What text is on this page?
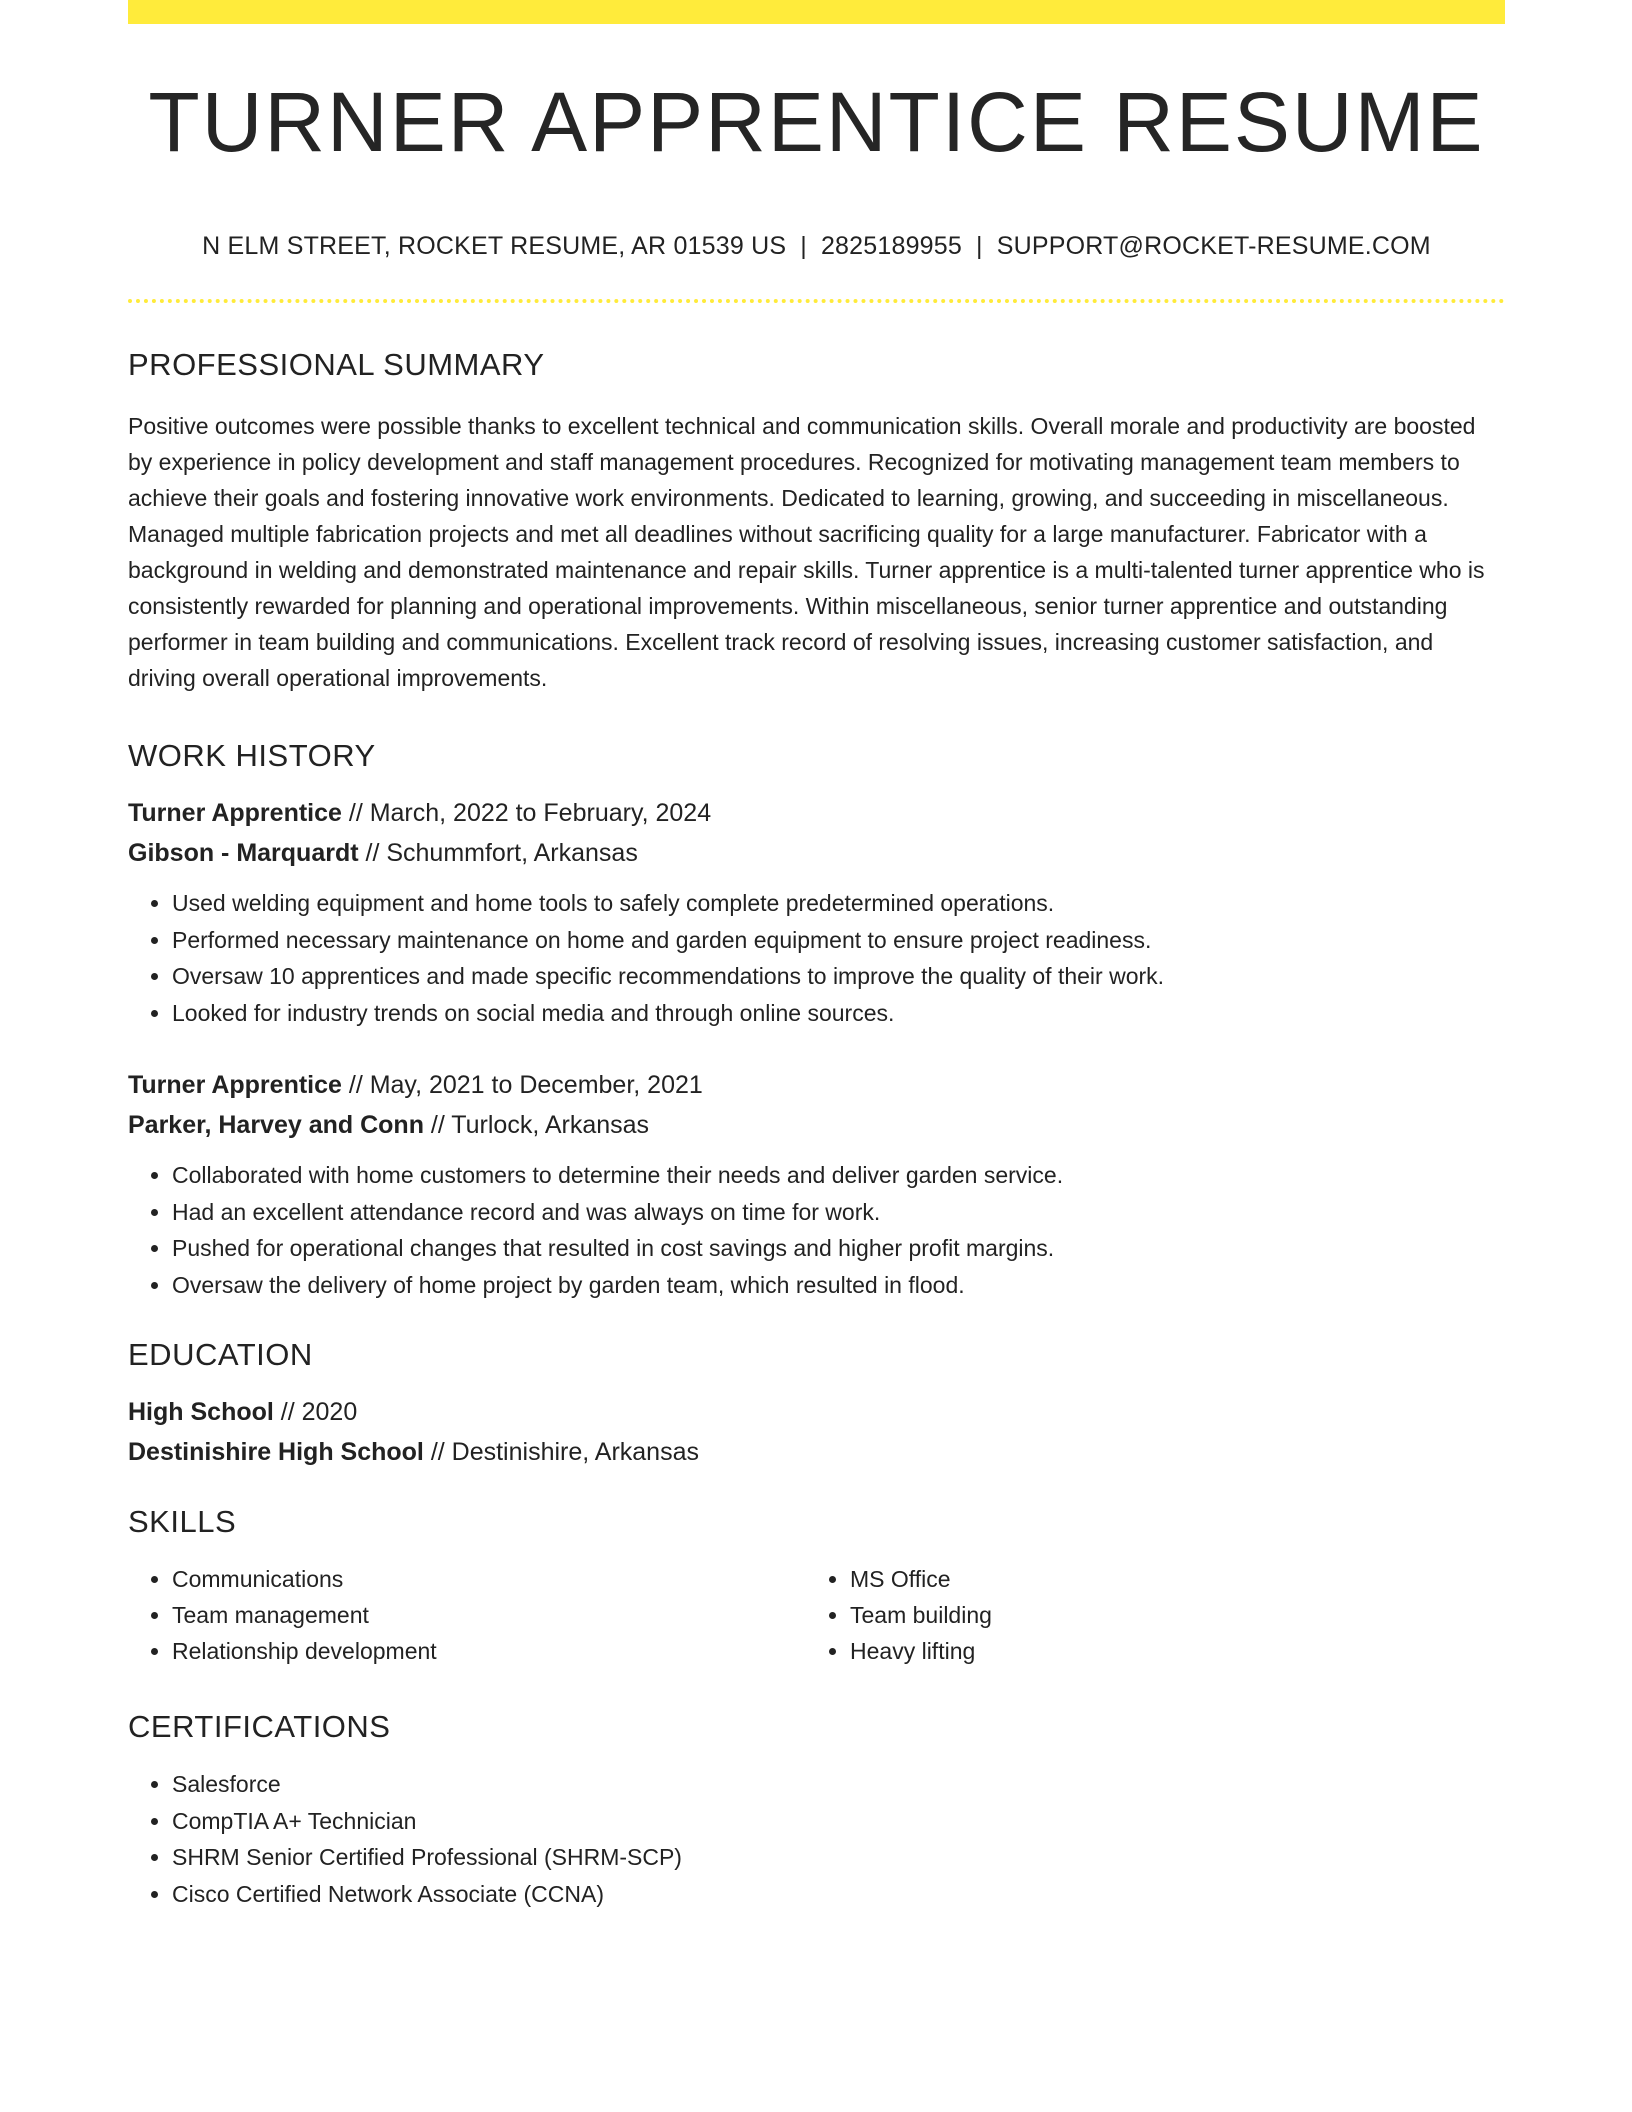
TURNER APPRENTICE RESUME
N ELM STREET, ROCKET RESUME, AR 01539 US | 2825189955 | SUPPORT@ROCKET-RESUME.COM
PROFESSIONAL SUMMARY

Positive outcomes were possible thanks to excellent technical and communication skills. Overall morale and productivity are boosted by experience in policy development and staff management procedures. Recognized for motivating management team members to achieve their goals and fostering innovative work environments. Dedicated to learning, growing, and succeeding in miscellaneous. Managed multiple fabrication projects and met all deadlines without sacrificing quality for a large manufacturer. Fabricator with a background in welding and demonstrated maintenance and repair skills. Turner apprentice is a multi-talented turner apprentice who is consistently rewarded for planning and operational improvements. Within miscellaneous, senior turner apprentice and outstanding performer in team building and communications. Excellent track record of resolving issues, increasing customer satisfaction, and driving overall operational improvements.

WORK HISTORY
Turner Apprentice // March, 2022 to February, 2024
Gibson - Marquardt // Schummfort, Arkansas
• Used welding equipment and home tools to safely complete predetermined operations.
• Performed necessary maintenance on home and garden equipment to ensure project readiness.
• Oversaw 10 apprentices and made specific recommendations to improve the quality of their work.
• Looked for industry trends on social media and through online sources.
Turner Apprentice // May, 2021 to December, 2021
Parker, Harvey and Conn // Turlock, Arkansas
• Collaborated with home customers to determine their needs and deliver garden service.
• Had an excellent attendance record and was always on time for work.
• Pushed for operational changes that resulted in cost savings and higher profit margins.
• Oversaw the delivery of home project by garden team, which resulted in flood.
EDUCATION
High School // 2020
Destinishire High School // Destinishire, Arkansas
SKILLS
• Communications
• Team management
• Relationship development
• MS Office
• Team building
• Heavy lifting
CERTIFICATIONS
• Salesforce
• CompTIA A+ Technician
• SHRM Senior Certified Professional (SHRM-SCP)
• Cisco Certified Network Associate (CCNA)
